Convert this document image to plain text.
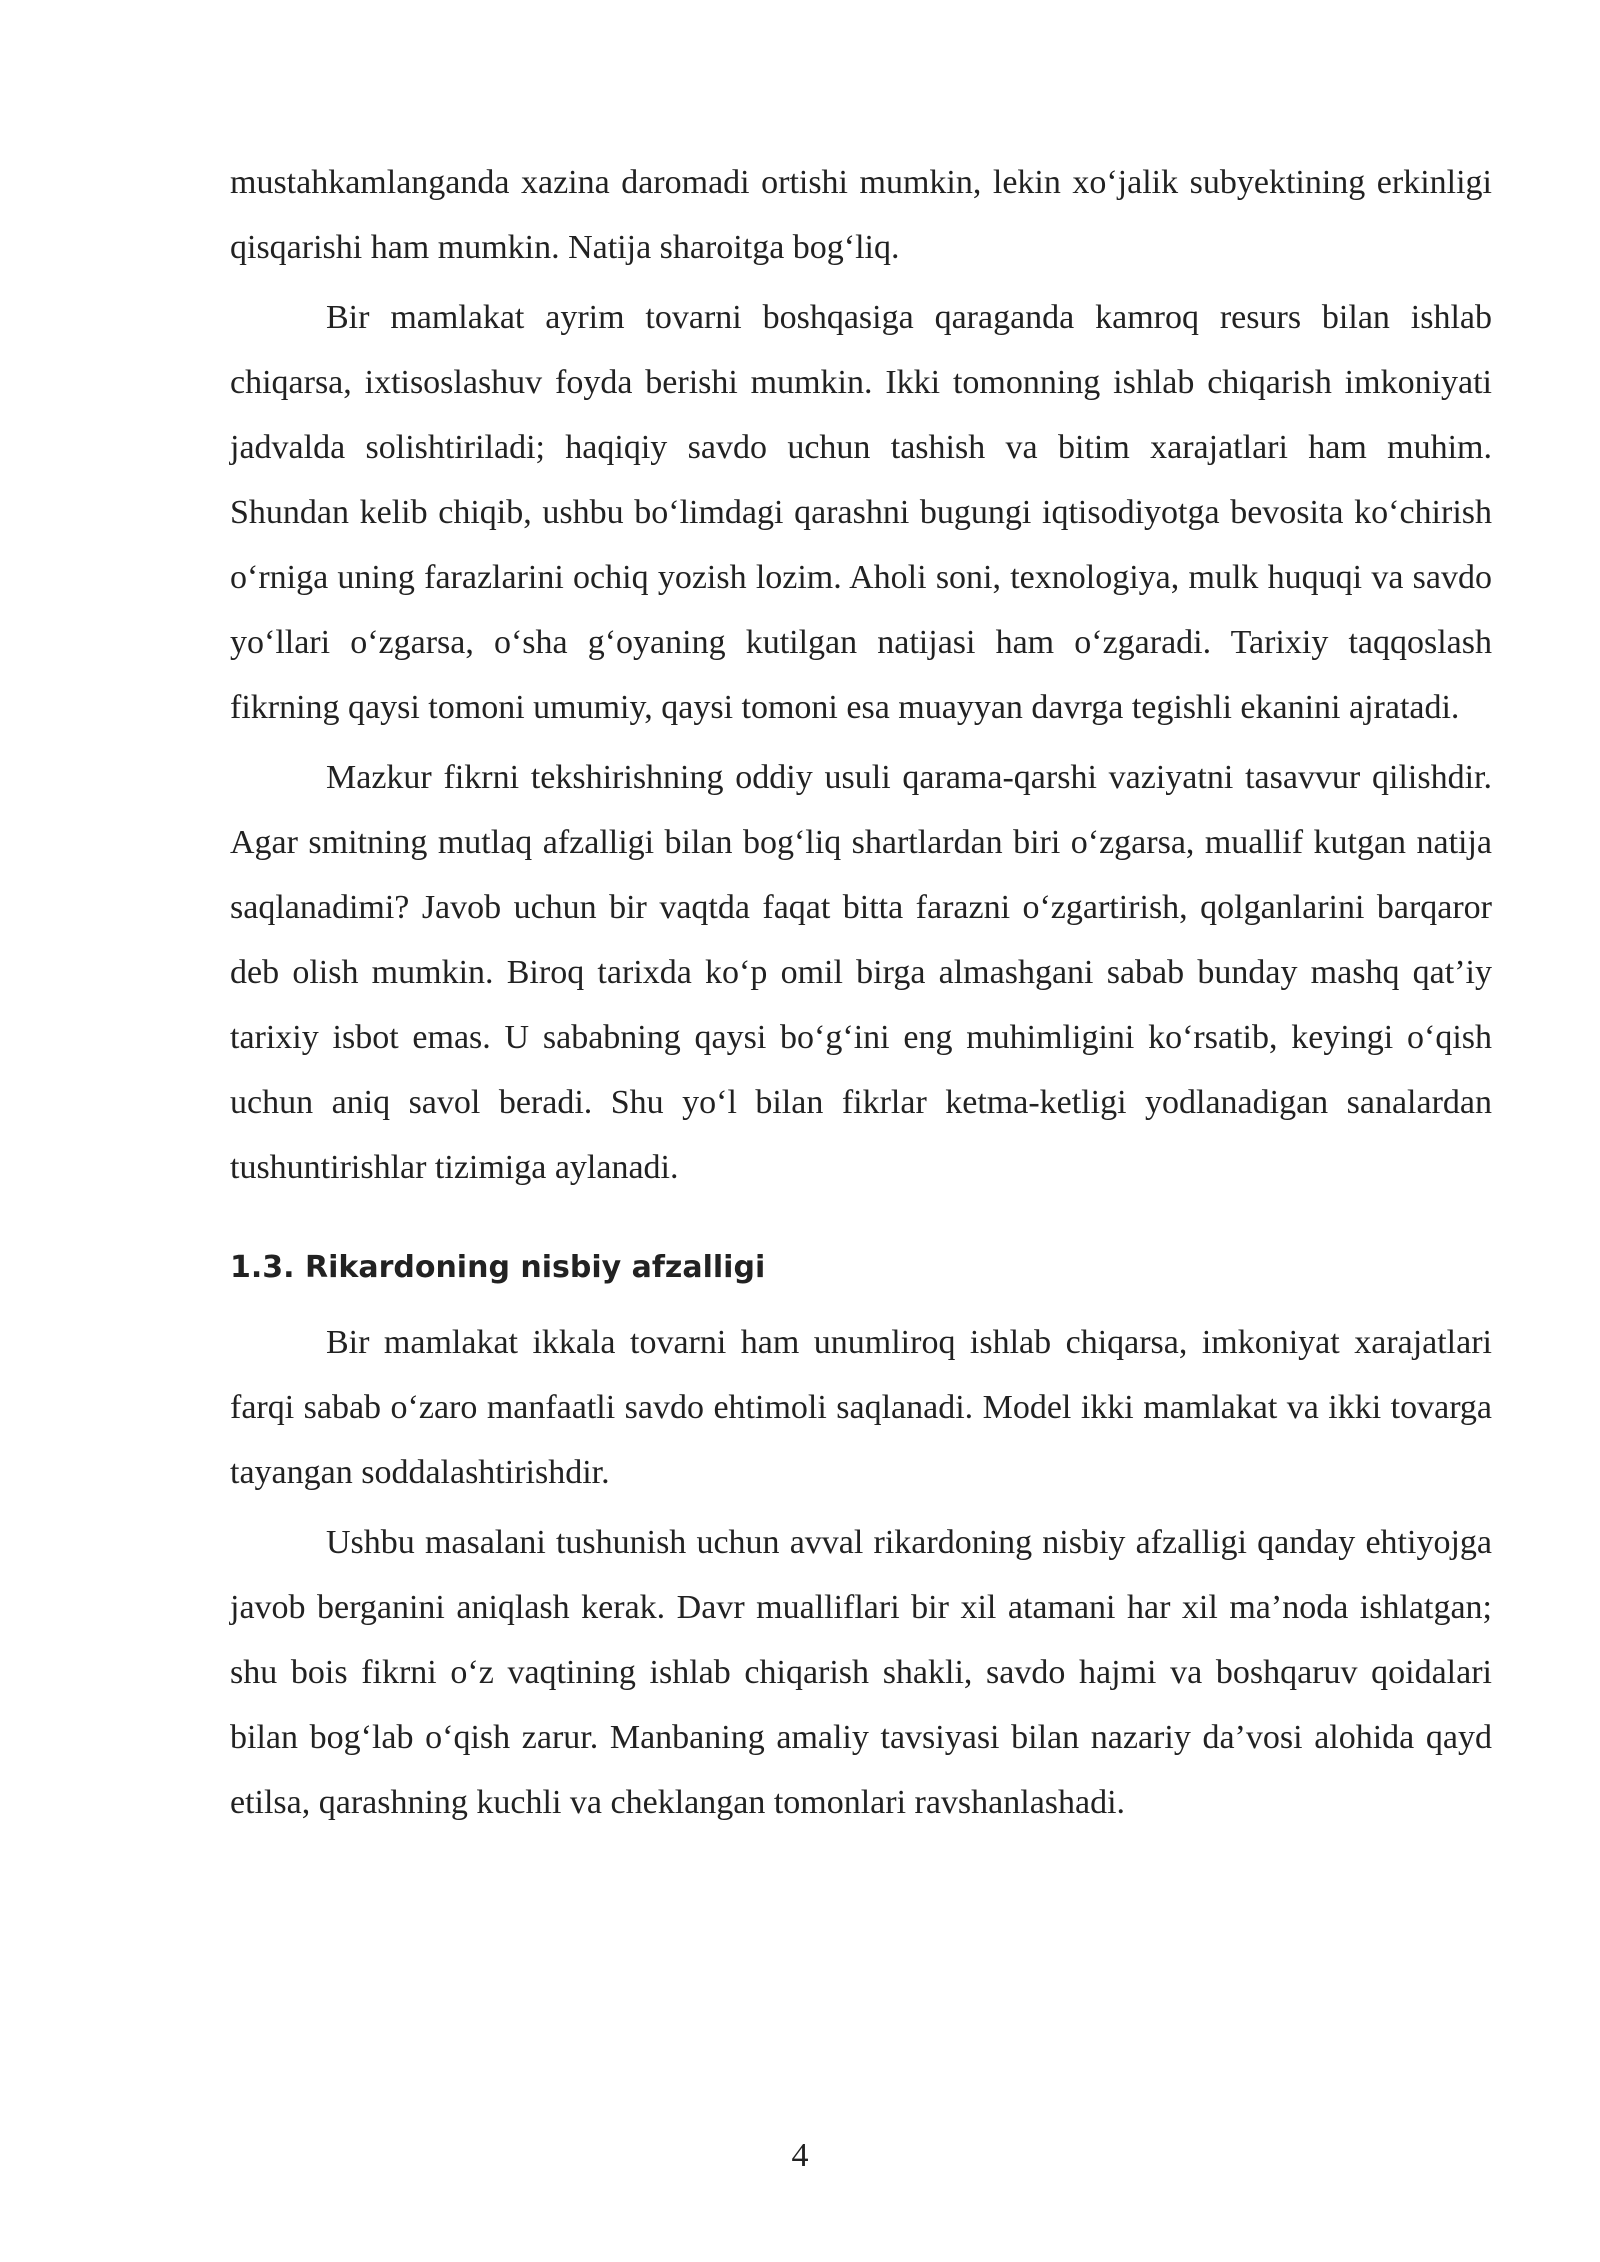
mustahkamlanganda xazina daromadi ortishi mumkin, lekin xo‘jalik subyektining erkinligi qisqarishi ham mumkin. Natija sharoitga bog‘liq.

Bir mamlakat ayrim tovarni boshqasiga qaraganda kamroq resurs bilan ishlab chiqarsa, ixtisoslashuv foyda berishi mumkin. Ikki tomonning ishlab chiqarish imkoniyati jadvalda solishtiriladi; haqiqiy savdo uchun tashish va bitim xarajatlari ham muhim. Shundan kelib chiqib, ushbu bo‘limdagi qarashni bugungi iqtisodiyotga bevosita ko‘chirish o‘rniga uning farazlarini ochiq yozish lozim. Aholi soni, texnologiya, mulk huquqi va savdo yo‘llari o‘zgarsa, o‘sha g‘oyaning kutilgan natijasi ham o‘zgaradi. Tarixiy taqqoslash fikrning qaysi tomoni umumiy, qaysi tomoni esa muayyan davrga tegishli ekanini ajratadi.

Mazkur fikrni tekshirishning oddiy usuli qarama-qarshi vaziyatni tasavvur qilishdir. Agar smitning mutlaq afzalligi bilan bog‘liq shartlardan biri o‘zgarsa, muallif kutgan natija saqlanadimi? Javob uchun bir vaqtda faqat bitta farazni o‘zgartirish, qolganlarini barqaror deb olish mumkin. Biroq tarixda ko‘p omil birga almashgani sabab bunday mashq qat’iy tarixiy isbot emas. U sababning qaysi bo‘g‘ini eng muhimligini ko‘rsatib, keyingi o‘qish uchun aniq savol beradi. Shu yo‘l bilan fikrlar ketma-ketligi yodlanadigan sanalardan tushuntirishlar tizimiga aylanadi.

1.3. Rikardoning nisbiy afzalligi

Bir mamlakat ikkala tovarni ham unumliroq ishlab chiqarsa, imkoniyat xarajatlari farqi sabab o‘zaro manfaatli savdo ehtimoli saqlanadi. Model ikki mamlakat va ikki tovarga tayangan soddalashtirishdir.

Ushbu masalani tushunish uchun avval rikardoning nisbiy afzalligi qanday ehtiyojga javob berganini aniqlash kerak. Davr mualliflari bir xil atamani har xil ma’noda ishlatgan; shu bois fikrni o‘z vaqtining ishlab chiqarish shakli, savdo hajmi va boshqaruv qoidalari bilan bog‘lab o‘qish zarur. Manbaning amaliy tavsiyasi bilan nazariy da’vosi alohida qayd etilsa, qarashning kuchli va cheklangan tomonlari ravshanlashadi.

4
